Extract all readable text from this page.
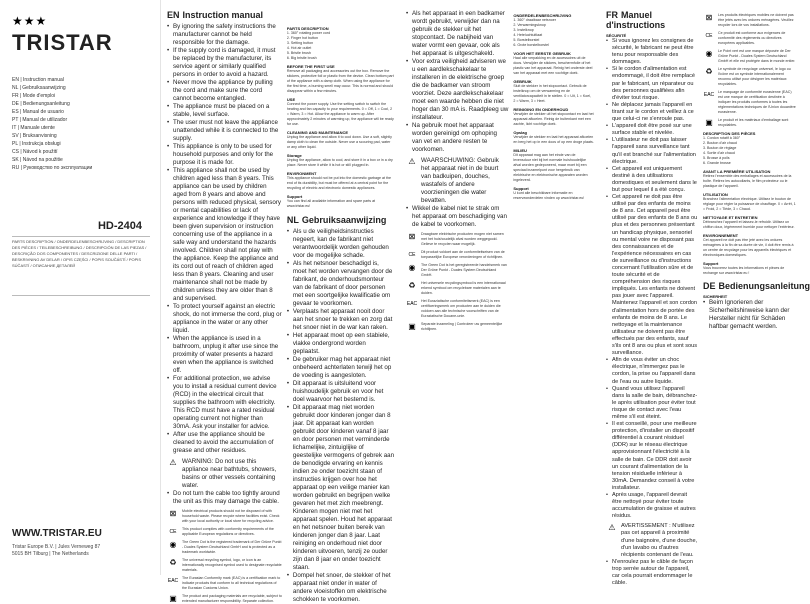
★★★
TRISTAR
EN | Instruction manual
NL | Gebruiksaanwijzing
FR | Mode d'emploi
DE | Bedienungsanleitung
ES | Manual de usuario
PT | Manual de utilizador
IT | Manuale utente
SV | Bruksanvisning
PL | Instrukcja obsługi
CS | Návod k použití
SK | Návod na použitie
RU | Руководство по эксплуатации
HD-2404
PARTS DESCRIPTION / ONDERDELENBESCHRIJVING / DESCRIPTION DES PIÈCES / TEILEBESCHREIBUNG / DESCRIPCIÓN DE LAS PIEZAS / DESCRIÇÃO DOS COMPONENTES / DESCRIZIONE DELLE PARTI / BESKRIVNING AV DELAR / OPIS CZĘŚCI / POPIS SOUČÁSTÍ / POPIS SÚČASTÍ / ОПИСАНИЕ ДЕТАЛЕЙ
WWW.TRISTAR.EU
Tristar Europe B.V. | Jules Verneweg 87
5015 BH Tilburg | The Netherlands
EN Instruction manual
• By ignoring the safety instructions the manufacturer cannot be held responsible for the damage.
• If the supply cord is damaged, it must be replaced by the manufacturer, its service agent or similarly qualified persons in order to avoid a hazard.
• Never move the appliance by pulling the cord and make sure the cord cannot become entangled.
• The appliance must be placed on a stable, level surface.
• The user must not leave the appliance unattended while it is connected to the supply.
• This appliance is only to be used for household purposes and only for the purpose it is made for.
• This appliance shall not be used by children aged less than 8 years. This appliance can be used by children aged from 8 years and above and persons with reduced physical, sensory or mental capabilities or lack of experience and knowledge if they have been given supervision or instruction concerning use of the appliance in a safe way and understand the hazards involved. Children shall not play with the appliance. Keep the appliance and its cord out of reach of children aged less than 8 years. Cleaning and user maintenance shall not be made by children unless they are older than 8 and supervised.
• To protect yourself against an electric shock, do not immerse the cord, plug or appliance in the water or any other liquid.
• When the appliance is used in a bathroom, unplug it after use since the proximity of water presents a hazard even when the appliance is switched off.
• For additional protection, we advise you to install a residual current device (RCD) in the electrical circuit that supplies the bathroom with electricity. This RCD must have a rated residual operating current not higher than 30mA. Ask your installer for advice.
• After use the appliance should be cleaned to avoid the accumulation of grease and other residues.
⚠ WARNING: Do not use this appliance near bathtubs, showers, basins or other vessels containing water.
• Do not turn the cable too tightly around the unit as this may damage the cable.
⊠	Mobile electrical products should not be disposed of with household waste. Please recycle where facilities exist. Check with your local authority or local store for recycling advice.
CE	This product complies with conformity requirements of the applicable European regulations or directives.
◉	The Green Dot is the registered trademark of Der Grüne Punkt - Duales System Deutschland GmbH and is protected as a trademark worldwide.
♻	The universal recycling symbol, logo, or icon is an internationally recognised symbol used to designate recyclable materials.
EAC The Eurasian Conformity mark (EAC) is a certification mark to indicate products that conform to all technical regulations of the Eurasian Customs Union.
▣	The product and packaging materials are recyclable, subject to extended manufacturer responsibility. Separate collection.
PARTS DESCRIPTION
1. 360° rotating power cord
2. Finger hot button
3. Setting button
4. Hot air outlet
5. Bristle brush
6. Big bristle brush
BEFORE THE FIRST USE
Remove all packaging and accessories out the box. Remove the stickers, protective foil or plastic from the device. Clean bottom part of the appliance with a damp cloth. When using the appliance for the first time, a burning smell may occur. This is normal and should disappear within a few minutes.
USE
Connect the power supply. Use the setting switch to switch the heating and fan capacity to your requirements. 0 = Off, 1 = Cool, 2 = Warm, 3 = Hot. Allow the appliance to warm up. After approximately 2 minutes of warming up, the appliance will be ready for use.
CLEANING AND MAINTENANCE
Unplug the appliance and allow it to cool down. Use a soft, slightly damp cloth to clean the outside. Never use a scouring pad, water or any other liquid.
Storage
Unplug the appliance, allow to cool, and store it in a box or in a dry place. Never store it while it is hot or still plugged in.
ENVIRONMENT
This appliance should not be put into the domestic garbage at the end of its durability, but must be offered at a central point for the recycling of electric and electronic domestic appliances.
Support
You can find all available information and spare parts at www.tristar.eu!
NL Gebruiksaanwijzing
• Als u de veiligheidsinstructies negeert, kan de fabrikant niet verantwoordelijk worden gehouden voor de mogelijke schade.
• Als het netsnoer beschadigd is, moet het worden vervangen door de fabrikant, de onderhoudsmonteur van de fabrikant of door personen met een soortgelijke kwalificatie om gevaar te voorkomen.
• Verplaats het apparaat nooit door aan het snoer te trekken en zorg dat het snoer niet in de war kan raken.
• Het apparaat moet op een stabiele, vlakke ondergrond worden geplaatst.
• De gebruiker mag het apparaat niet onbeheerd achterlaten terwijl het op de voeding is aangesloten.
• Dit apparaat is uitsluitend voor huishoudelijk gebruik en voor het doel waarvoor het bestemd is.
• Dit apparaat mag niet worden gebruikt door kinderen jonger dan 8 jaar. Dit apparaat kan worden gebruikt door kinderen vanaf 8 jaar en door personen met verminderde lichamelijke, zintuiglijke of geestelijke vermogens of gebrek aan de benodigde ervaring en kennis indien ze onder toezicht staan of instructies krijgen over hoe het apparaat op een veilige manier kan worden gebruikt en begrijpen welke gevaren het met zich meebrengt. Kinderen mogen niet met het apparaat spelen. Houd het apparaat en het netsnoer buiten bereik van kinderen jonger dan 8 jaar. Laat reiniging en onderhoud niet door kinderen uitvoeren, tenzij ze ouder zijn dan 8 jaar en onder toezicht staan.
• Dompel het snoer, de stekker of het apparaat niet onder in water of andere vloeistoffen om elektrische schokken te voorkomen.
• Als het apparaat in een badkamer wordt gebruikt, verwijder dan na gebruik de stekker uit het stopcontact. De nabijheid van water vormt een gevaar, ook als het apparaat is uitgeschakeld.
• Voor extra veiligheid adviseren we u een aardlekschakelaar te installeren in de elektrische groep die de badkamer van stroom voorziet. Deze aardlekschakelaar moet een waarde hebben die niet hoger dan 30 mA is. Raadpleeg uw installateur.
• Na gebruik moet het apparaat worden gereinigd om ophoping van vet en andere resten te voorkomen.
⚠ WAARSCHUWING: Gebruik het apparaat niet in de buurt van badkuipen, douches, wastafels of andere voorzieningen die water bevatten.
• Wikkel de kabel niet te strak om het apparaat om beschadiging van de kabel te voorkomen.
⊠	Draagbare elektrische producten mogen niet samen met het huishoudelijk afval worden weggegooid. Gelieve te recyclen waar mogelijk.
CE	Dit product voldoet aan de conformiteitseisen van de toepasselijke Europese verordeningen of richtlijnen.
◉	The Green Dot is het geregistreerde handelsmerk van Der Grüne Punkt - Duales System Deutschland GmbH.
♻	Het universele recyclingsymbool is een internationaal erkend symbool om recyclebare materialen aan te duiden.
EAC Het Euraziatische conformiteitsmerk (EAC) is een certificeringsmerk om producten aan te duiden die voldoen aan alle technische voorschriften van de Euraziatische Douane-unie.
▣	Separate inzameling | Controleer uw gemeentelijke richtlijnen.
ONDERDELENBESCHRIJVING
1. 360° draaibaar netsnoer
2. Verwarmingsknop
3. Instelknop
4. Heteluchtuitlaat
5. Borstelborstel
6. Grote borstelborstel
VOOR HET EERSTE GEBRUIK
Haal alle verpakking en de accessoires uit de doos. Verwijder de stickers, beschermfolie of het plastic van het apparaat. Reinig het onderste deel van het apparaat met een vochtige doek.
GEBRUIK
Sluit de stekker in het stopcontact. Gebruik de instelknop om de verwarming en de ventilatorcapaciteit in te stellen. 0 = Uit, 1 = Koel, 2 = Warm, 3 = Heet.
REINIGING EN ONDERHOUD
Verwijder de stekker uit het stopcontact en laat het apparaat afkoelen. Reinig de buitenkant met een zachte, licht vochtige doek.
Opslag
Verwijder de stekker en laat het apparaat afkoelen en berg het op in een doos of op een droge plaats.
MILIEU
Dit apparaat mag aan het einde van de levensduur niet bij het normale huishoudelijke afval worden gedeponeerd, maar moet bij een speciaal inzamelpunt voor hergebruik van elektrische en elektronische apparaten worden ingeleverd.
Support
U kunt alle beschikbare informatie en reserveonderdelen vinden op www.tristar.eu!
FR Manuel d'instructions
SÉCURITÉ
• Si vous ignorez les consignes de sécurité, le fabricant ne peut être tenu pour responsable des dommages.
• Si le cordon d'alimentation est endommagé, il doit être remplacé par le fabricant, un réparateur ou des personnes qualifiées afin d'éviter tout risque.
• Ne déplacez jamais l'appareil en tirant sur le cordon et veillez à ce que celui-ci ne s'enroule pas.
• L'appareil doit être posé sur une surface stable et nivelée.
• L'utilisateur ne doit pas laisser l'appareil sans surveillance tant qu'il est branché sur l'alimentation électrique.
• Cet appareil est uniquement destiné à des utilisations domestiques et seulement dans le but pour lequel il a été conçu.
• Cet appareil ne doit pas être utilisé par des enfants de moins de 8 ans. Cet appareil peut être utilisé par des enfants de 8 ans ou plus et des personnes présentant un handicap physique, sensoriel ou mental voire ne disposant pas des connaissances et de l'expérience nécessaires en cas de surveillance ou d'instructions concernant l'utilisation sûre et de toute sécurité et de compréhension des risques impliqués. Les enfants ne doivent pas jouer avec l'appareil. Maintenez l'appareil et son cordon d'alimentation hors de portée des enfants de moins de 8 ans. Le nettoyage et la maintenance utilisateur ne doivent pas être effectués par des enfants, sauf s'ils ont 8 ans ou plus et sont sous surveillance.
• Afin de vous éviter un choc électrique, n'immergez pas le cordon, la prise ou l'appareil dans de l'eau ou autre liquide.
• Quand vous utilisez l'appareil dans la salle de bain, débranchez-le après utilisation pour éviter tout risque de contact avec l'eau même s'il est éteint.
• Il est conseillé, pour une meilleure protection, d'installer un dispositif différentiel à courant résiduel (DDR) sur le réseau électrique approvisionnant l'électricité à la salle de bain. Ce DDR doit avoir un courant d'alimentation de la tension résiduelle inférieur à 30mA. Demandez conseil à votre installateur.
• Après usage, l'appareil devrait être nettoyé pour éviter toute accumulation de graisse et autres résidus.
⚠ AVERTISSEMENT : N'utilisez pas cet appareil à proximité d'une baignoire, d'une douche, d'un lavabo ou d'autres récipients contenant de l'eau.
• N'enroulez pas le câble de façon trop serrée autour de l'appareil, car cela pourrait endommager le câble.
⊠	Les produits électriques mobiles ne doivent pas être jetés avec les ordures ménagères. Veuillez recycler lors de vos installations.
CE	Ce produit est conforme aux exigences de conformité des règlements ou directives européens applicables.
◉	Le Point vert est une marque déposée de Der Grüne Punkt - Duales System Deutschland GmbH et elle est protégée dans le monde entier.
♻	Le symbole de recyclage universel, le logo ou l'icône est un symbole internationalement reconnu utilisé pour désigner les matériaux recyclables.
EAC Le marquage de conformité eurasienne (EAC) est une marque de certification destinée à indiquer les produits conformes à toutes les réglementations techniques de l'Union douanière eurasienne.
▣	Le produit et les matériaux d'emballage sont recyclables.
DESCRIPTION DES PIÈCES
1. Cordon rotatif à 360°
2. Bouton d'air chaud
3. Bouton de réglage
4. Sortie d'air chaud
5. Brosse à poils
6. Grande brosse
AVANT LA PREMIÈRE UTILISATION
Retirez l'ensemble des emballages et accessoires de la boîte. Retirez les autocollants, le film protecteur ou le plastique de l'appareil.
UTILISATION
Branchez l'alimentation électrique. Utilisez le bouton de réglage pour régler la puissance de chauffage. 0 = Arrêt, 1 = Froid, 2 = Tiède, 3 = Chaud.
NETTOYAGE ET ENTRETIEN
Débranchez l'appareil et laissez-le refroidir. Utilisez un chiffon doux, légèrement humide pour nettoyer l'extérieur.
ENVIRONNEMENT
Cet appareil ne doit pas être jeté avec les ordures ménagères à la fin de sa durée de vie, il doit être remis à un centre de recyclage pour les appareils électriques et électroniques domestiques.
Support
Vous trouverez toutes les informations et pièces de rechange sur www.tristar.eu !
DE Bedienungsanleitung
SICHERHEIT
• Beim Ignorieren der Sicherheitshinweise kann der Hersteller nicht für Schäden haftbar gemacht werden.
